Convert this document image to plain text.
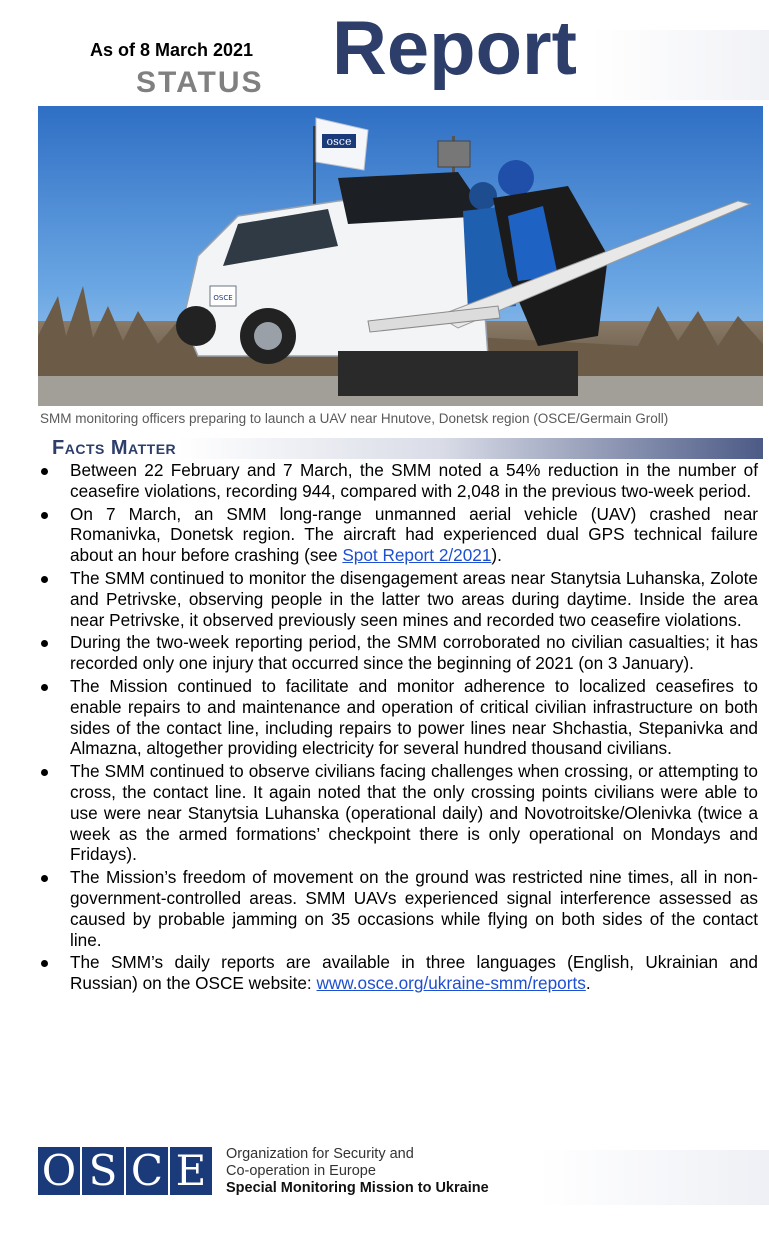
As of 8 March 2021
STATUS Report
osce
OSCE
SMM monitoring officers preparing to launch a UAV near Hnutove, Donetsk region (OSCE/Germain Groll)
Facts Matter
Between 22 February and 7 March, the SMM noted a 54% reduction in the number of ceasefire violations, recording 944, compared with 2,048 in the previous two-week period.
On 7 March, an SMM long-range unmanned aerial vehicle (UAV) crashed near Romanivka, Donetsk region. The aircraft had experienced dual GPS technical failure about an hour before crashing (see Spot Report 2/2021).
The SMM continued to monitor the disengagement areas near Stanytsia Luhanska, Zolote and Petrivske, observing people in the latter two areas during daytime. Inside the area near Petrivske, it observed previously seen mines and recorded two ceasefire violations.
During the two-week reporting period, the SMM corroborated no civilian casualties; it has recorded only one injury that occurred since the beginning of 2021 (on 3 January).
The Mission continued to facilitate and monitor adherence to localized ceasefires to enable repairs to and maintenance and operation of critical civilian infrastructure on both sides of the contact line, including repairs to power lines near Shchastia, Stepanivka and Almazna, altogether providing electricity for several hundred thousand civilians.
The SMM continued to observe civilians facing challenges when crossing, or attempting to cross, the contact line. It again noted that the only crossing points civilians were able to use were near Stanytsia Luhanska (operational daily) and Novotroitske/Olenivka (twice a week as the armed formations’ checkpoint there is only operational on Mondays and Fridays).
The Mission’s freedom of movement on the ground was restricted nine times, all in non-government-controlled areas. SMM UAVs experienced signal interference assessed as caused by probable jamming on 35 occasions while flying on both sides of the contact line.
The SMM’s daily reports are available in three languages (English, Ukrainian and Russian) on the OSCE website: www.osce.org/ukraine-smm/reports.
O S C E	Organization for Security and
Co-operation in Europe
Special Monitoring Mission to Ukraine
